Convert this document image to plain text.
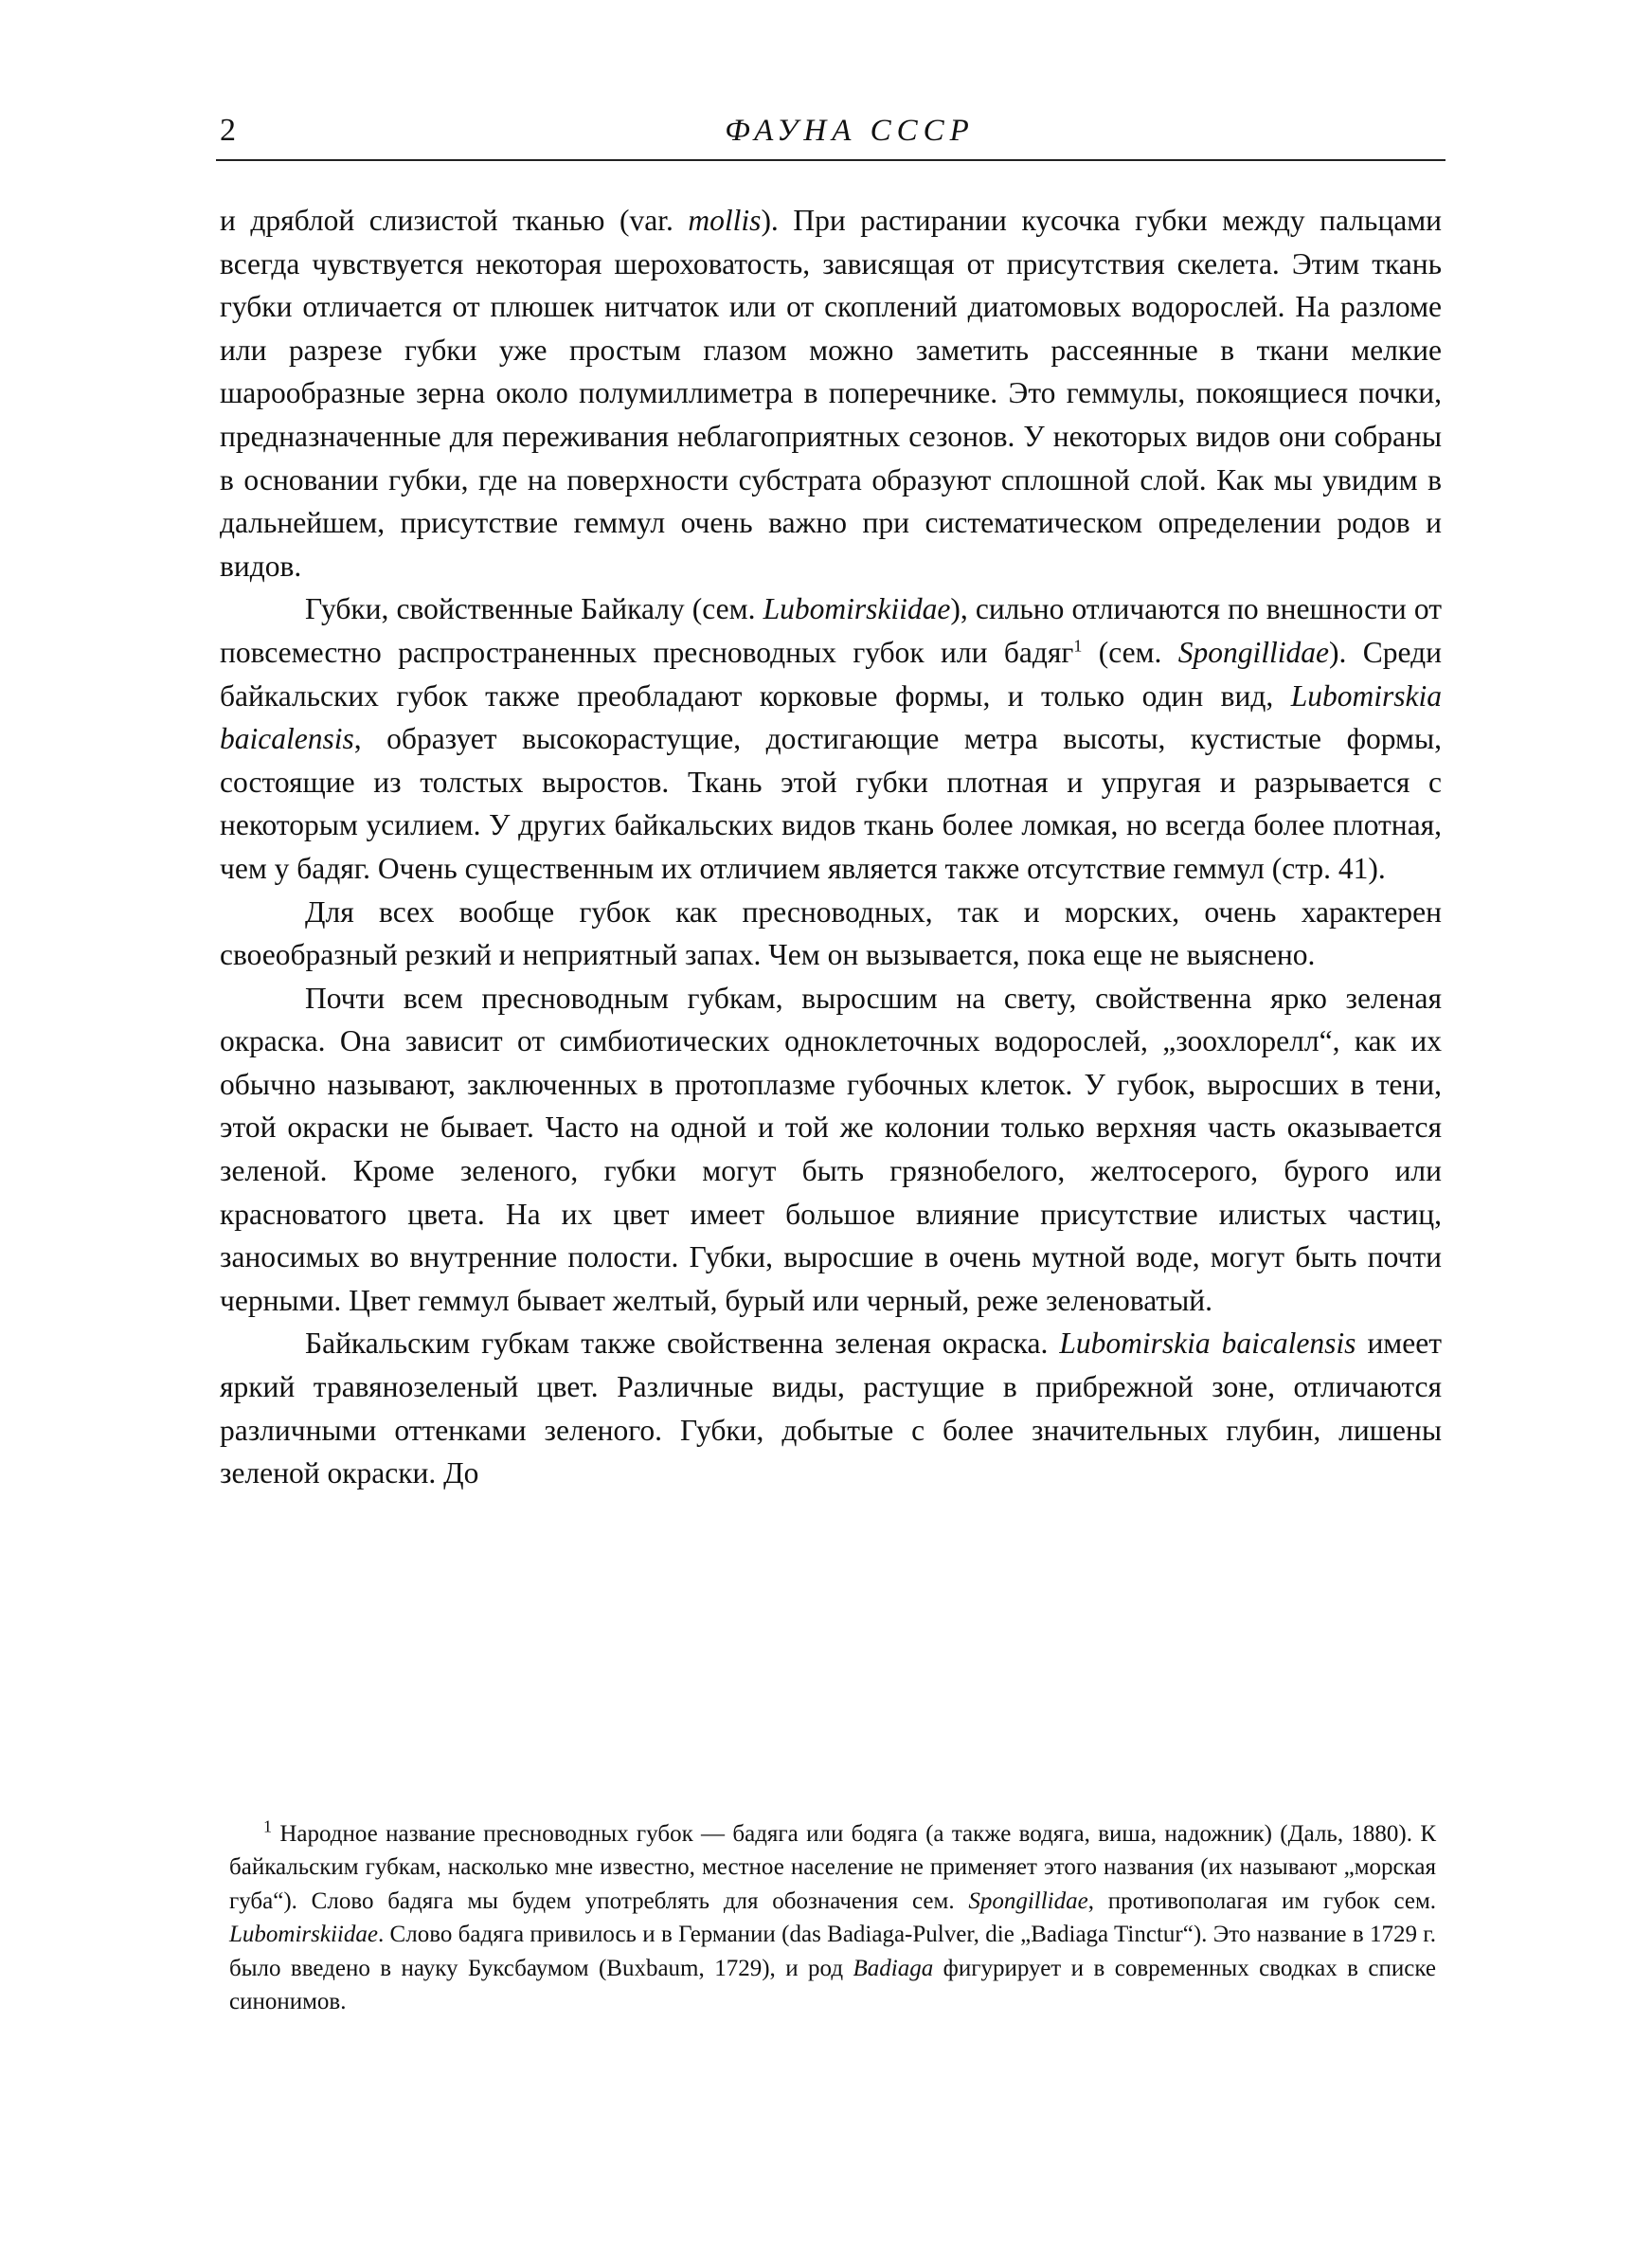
2	ФАУНА СССР

и дряблой слизистой тканью (var. mollis). При растирании кусочка губки между пальцами всегда чувствуется некоторая шероховатость, зависящая от присутствия скелета. Этим ткань губки отличается от плюшек нитчаток или от скоплений диатомовых водорослей. На разломе или разрезе губки уже простым глазом можно заметить рассеянные в ткани мелкие шарообразные зерна около полумиллиметра в поперечнике. Это геммулы, покоящиеся почки, предназначенные для переживания неблагоприятных сезонов. У некоторых видов они собраны в основании губки, где на поверхности субстрата образуют сплошной слой. Как мы увидим в дальнейшем, присутствие геммул очень важно при систематическом определении родов и видов.

Губки, свойственные Байкалу (сем. Lubomirskiidae), сильно отличаются по внешности от повсеместно распространенных пресноводных губок или бадяг$^1$ (сем. Spongillidae). Среди байкальских губок также преобладают корковые формы, и только один вид, Lubomirskia baicalensis, образует высокорастущие, достигающие метра высоты, кустистые формы, состоящие из толстых выростов. Ткань этой губки плотная и упругая и разрывается с некоторым усилием. У других байкальских видов ткань более ломкая, но всегда более плотная, чем у бадяг. Очень существенным их отличием является также отсутствие геммул (стр. 41).

Для всех вообще губок как пресноводных, так и морских, очень характерен своеобразный резкий и неприятный запах. Чем он вызывается, пока еще не выяснено.

Почти всем пресноводным губкам, выросшим на свету, свойственна ярко зеленая окраска. Она зависит от симбиотических одноклеточных водорослей, „зоохлорелл“, как их обычно называют, заключенных в протоплазме губочных клеток. У губок, выросших в тени, этой окраски не бывает. Часто на одной и той же колонии только верхняя часть оказывается зеленой. Кроме зеленого, губки могут быть грязнобелого, желтосерого, бурого или красноватого цвета. На их цвет имеет большое влияние присутствие илистых частиц, заносимых во внутренние полости. Губки, выросшие в очень мутной воде, могут быть почти черными. Цвет геммул бывает желтый, бурый или черный, реже зеленоватый.

Байкальским губкам также свойственна зеленая окраска. Lubomirskia baicalensis имеет яркий травянозеленый цвет. Различные виды, растущие в прибрежной зоне, отличаются различными оттенками зеленого. Губки, добытые с более значительных глубин, лишены зеленой окраски. До

$^1$ Народное название пресноводных губок — бадяга или бодяга (а также водяга, виша, надожник) (Даль, 1880). К байкальским губкам, насколько мне известно, местное население не применяет этого названия (их называют „морская губа“). Слово бадяга мы будем употреблять для обозначения сем. Spongillidae, противополагая им губок сем. Lubomirskiidae. Слово бадяга привилось и в Германии (das Badiaga-Pulver, die „Badiaga Tinctur“). Это название в 1729 г. было введено в науку Буксбаумом (Buxbaum, 1729), и род Badiaga фигурирует и в современных сводках в списке синонимов.
